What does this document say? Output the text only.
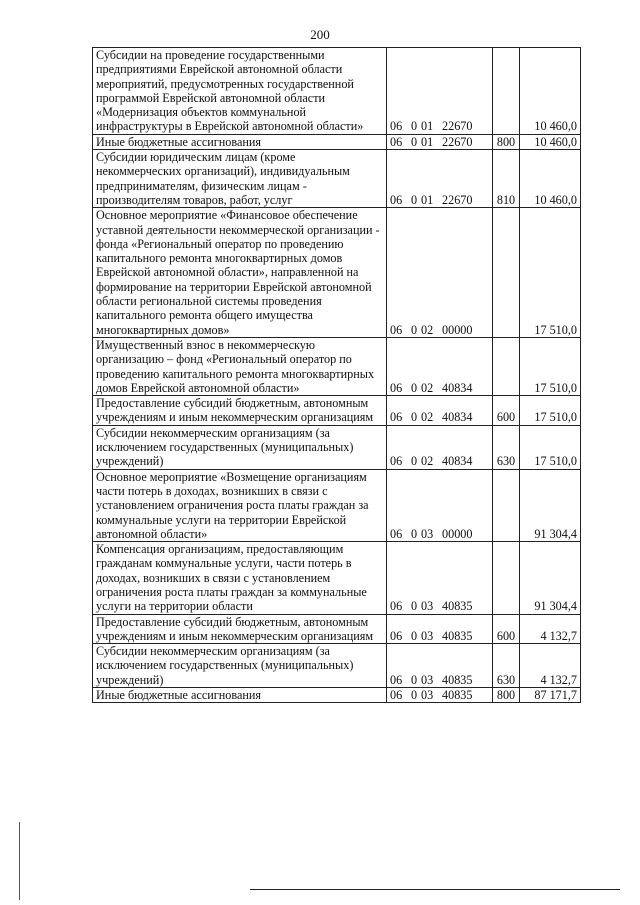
200
Субсидии на проведение государственными предприятиями Еврейской автономной области мероприятий, предусмотренных государственной программой Еврейской автономной области «Модернизация объектов коммунальной инфраструктуры в Еврейской автономной области»	06 0 01 22670		10 460,0
Иные бюджетные ассигнования	06 0 01 22670	800	10 460,0
Субсидии юридическим лицам (кроме некоммерческих организаций), индивидуальным предпринимателям, физическим лицам - производителям товаров, работ, услуг	06 0 01 22670	810	10 460,0
Основное мероприятие «Финансовое обеспечение уставной деятельности некоммерческой организации - фонда «Региональный оператор по проведению капитального ремонта многоквартирных домов Еврейской автономной области», направленной на формирование на территории Еврейской автономной области региональной системы проведения капитального ремонта общего имущества многоквартирных домов»	06 0 02 00000		17 510,0
Имущественный взнос в некоммерческую организацию – фонд «Региональный оператор по проведению капитального ремонта многоквартирных домов Еврейской автономной области»	06 0 02 40834		17 510,0
Предоставление субсидий бюджетным, автономным учреждениям и иным некоммерческим организациям	06 0 02 40834	600	17 510,0
Субсидии некоммерческим организациям (за исключением государственных (муниципальных) учреждений)	06 0 02 40834	630	17 510,0
Основное мероприятие «Возмещение организациям части потерь в доходах, возникших в связи с установлением ограничения роста платы граждан за коммунальные услуги на территории Еврейской автономной области»	06 0 03 00000		91 304,4
Компенсация организациям, предоставляющим гражданам коммунальные услуги, части потерь в доходах, возникших в связи с установлением ограничения роста платы граждан за коммунальные услуги на территории области	06 0 03 40835		91 304,4
Предоставление субсидий бюджетным, автономным учреждениям и иным некоммерческим организациям	06 0 03 40835	600	4 132,7
Субсидии некоммерческим организациям (за исключением государственных (муниципальных) учреждений)	06 0 03 40835	630	4 132,7
Иные бюджетные ассигнования	06 0 03 40835	800	87 171,7
